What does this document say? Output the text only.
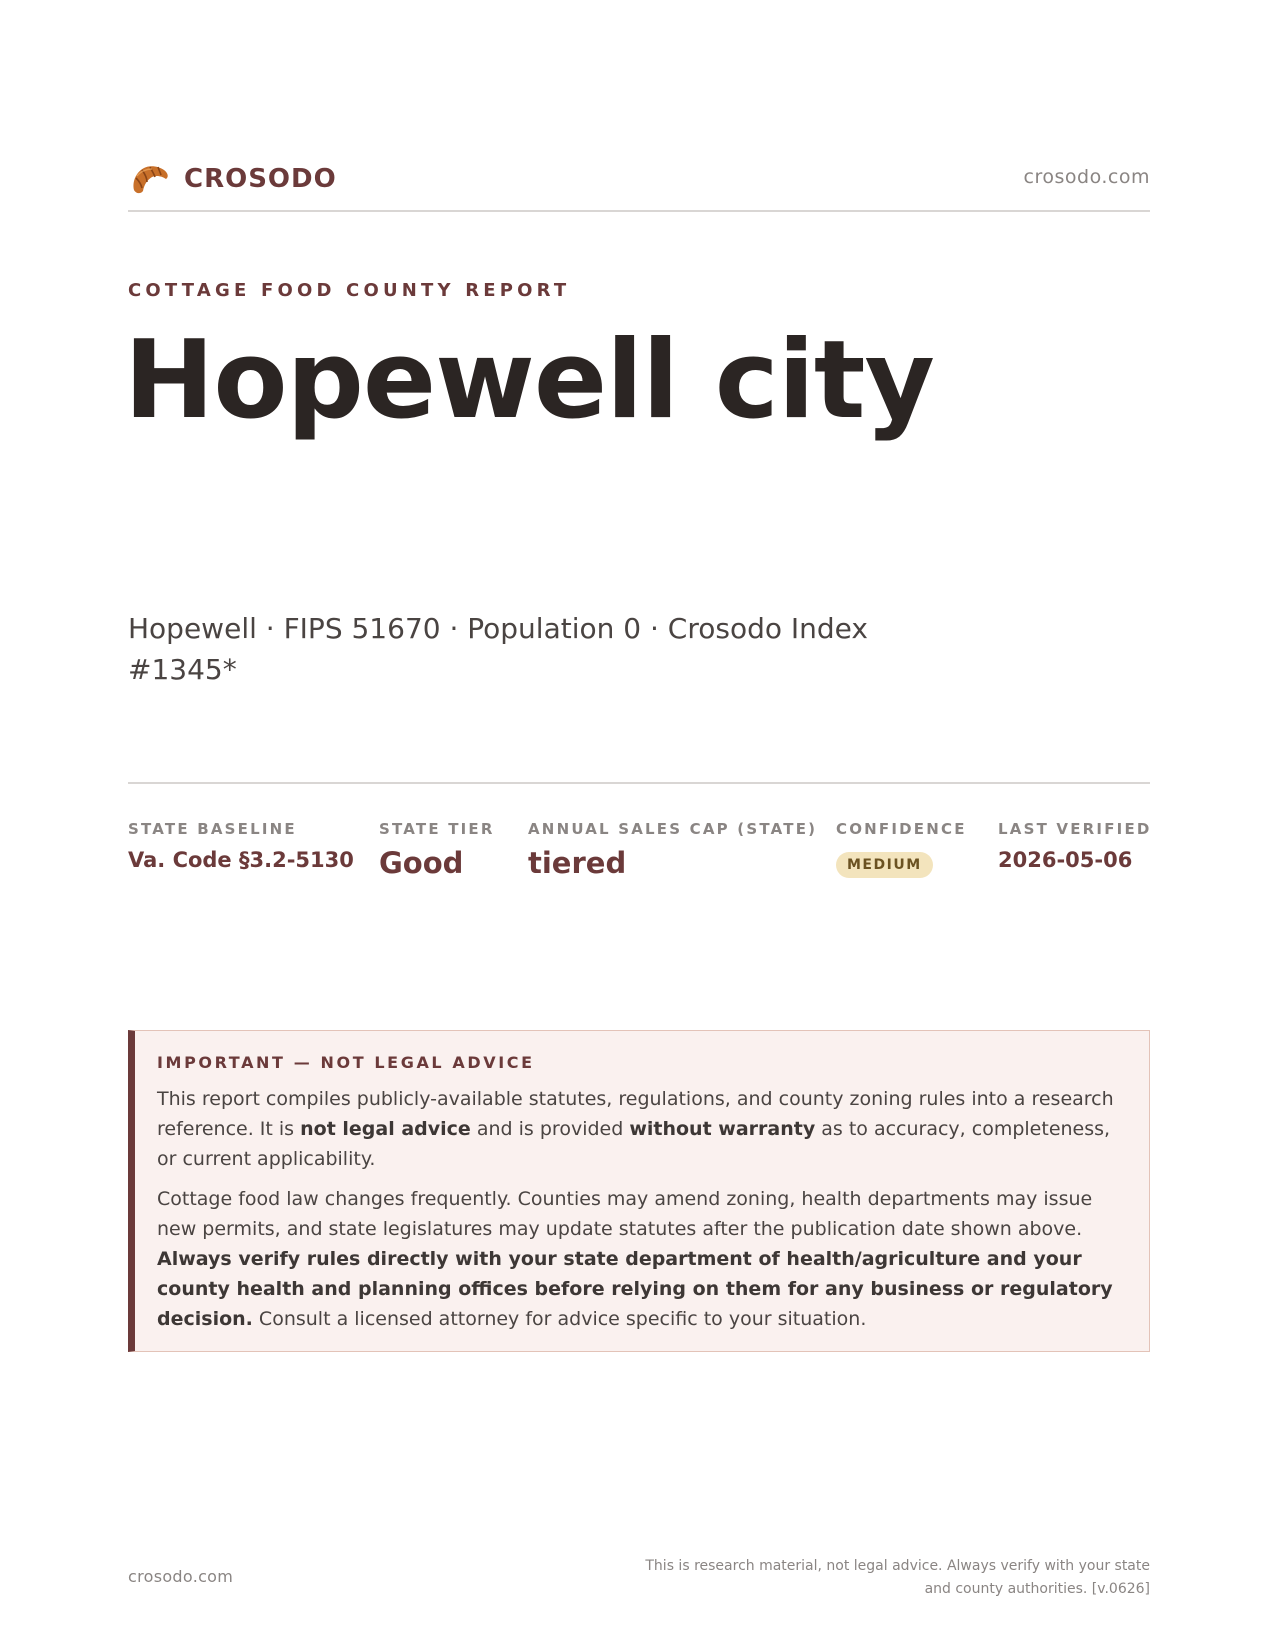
CROSODO	crosodo.com
COTTAGE FOOD COUNTY REPORT
Hopewell city
Hopewell · FIPS 51670 · Population 0 · Crosodo Index #1345*
STATE BASELINE
Va. Code §3.2-5130
STATE TIER
Good
ANNUAL SALES CAP (STATE)
tiered
CONFIDENCE
MEDIUM
LAST VERIFIED
2026-05-06
IMPORTANT — NOT LEGAL ADVICE

This report compiles publicly-available statutes, regulations, and county zoning rules into a research reference. It is not legal advice and is provided without warranty as to accuracy, completeness, or current applicability.

Cottage food law changes frequently. Counties may amend zoning, health departments may issue new permits, and state legislatures may update statutes after the publication date shown above. Always verify rules directly with your state department of health/agriculture and your county health and planning offices before relying on them for any business or regulatory decision. Consult a licensed attorney for advice specific to your situation.

crosodo.com
This is research material, not legal advice. Always verify with your state and county authorities. [v.0626]
